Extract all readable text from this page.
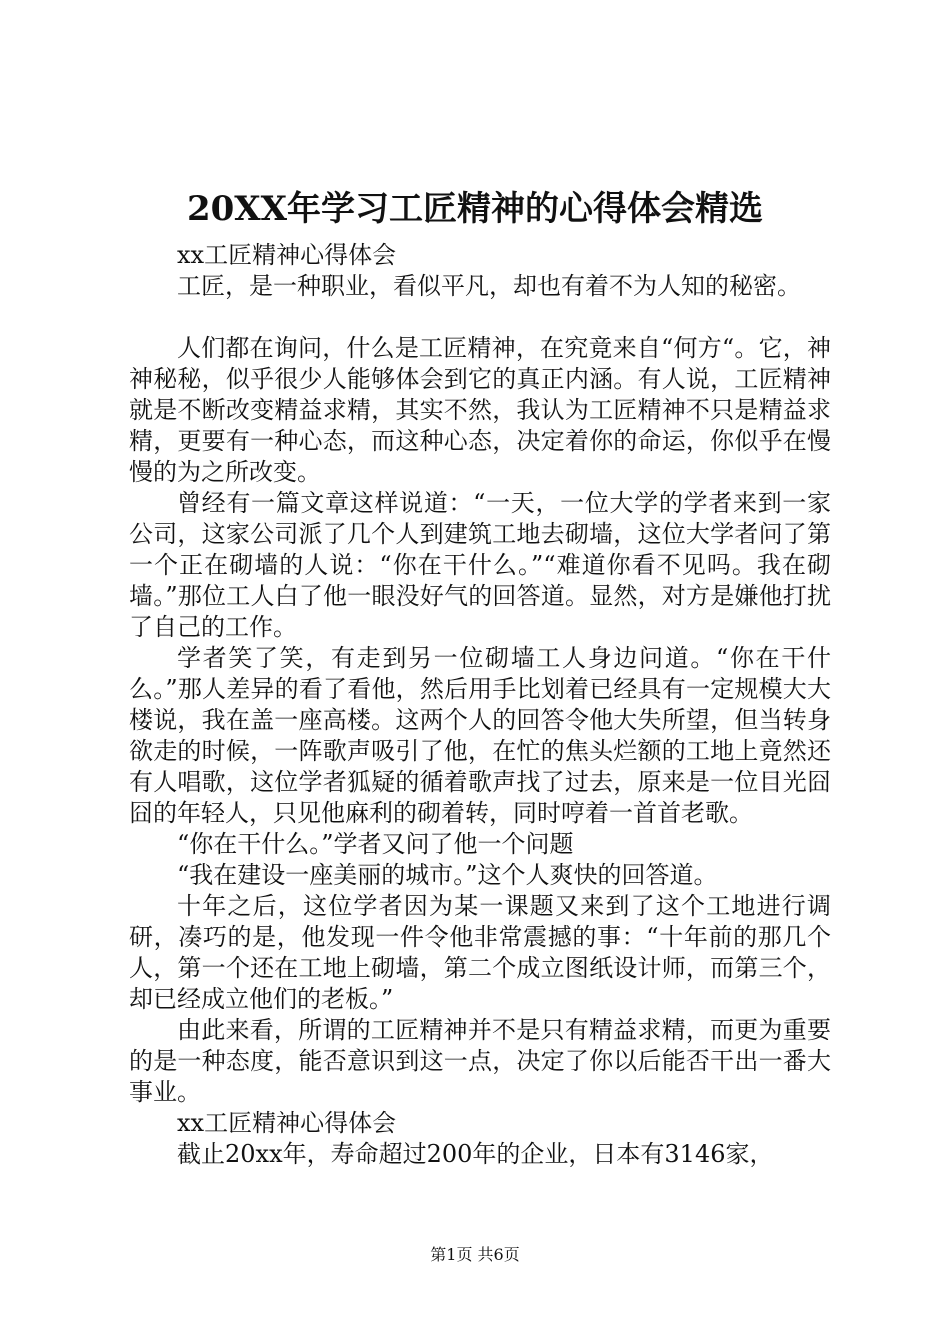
20XX年学习工匠精神的心得体会精选

xx工匠精神心得体会

工匠，是一种职业，看似平凡，却也有着不为人知的秘密。

人们都在询问，什么是工匠精神，在究竟来自“何方“。它，神神秘秘，似乎很少人能够体会到它的真正内涵。有人说，工匠精神就是不断改变精益求精，其实不然，我认为工匠精神不只是精益求精，更要有一种心态，而这种心态，决定着你的命运，你似乎在慢慢的为之所改变。

曾经有一篇文章这样说道：“一天，一位大学的学者来到一家公司，这家公司派了几个人到建筑工地去砌墙，这位大学者问了第一个正在砌墙的人说：“你在干什么。”“难道你看不见吗。我在砌墙。”那位工人白了他一眼没好气的回答道。显然，对方是嫌他打扰了自己的工作。

学者笑了笑，有走到另一位砌墙工人身边问道。“你在干什么。”那人差异的看了看他，然后用手比划着已经具有一定规模大大楼说，我在盖一座高楼。这两个人的回答令他大失所望，但当转身欲走的时候，一阵歌声吸引了他，在忙的焦头烂额的工地上竟然还有人唱歌，这位学者狐疑的循着歌声找了过去，原来是一位目光囧囧的年轻人，只见他麻利的砌着转，同时哼着一首首老歌。

“你在干什么。”学者又问了他一个问题

“我在建设一座美丽的城市。”这个人爽快的回答道。

十年之后，这位学者因为某一课题又来到了这个工地进行调研，凑巧的是，他发现一件令他非常震撼的事：“十年前的那几个人，第一个还在工地上砌墙，第二个成立图纸设计师，而第三个，却已经成立他们的老板。”

由此来看，所谓的工匠精神并不是只有精益求精，而更为重要的是一种态度，能否意识到这一点，决定了你以后能否干出一番大事业。

xx工匠精神心得体会

截止20xx年，寿命超过200年的企业，日本有3146家，

第1页 共6页
